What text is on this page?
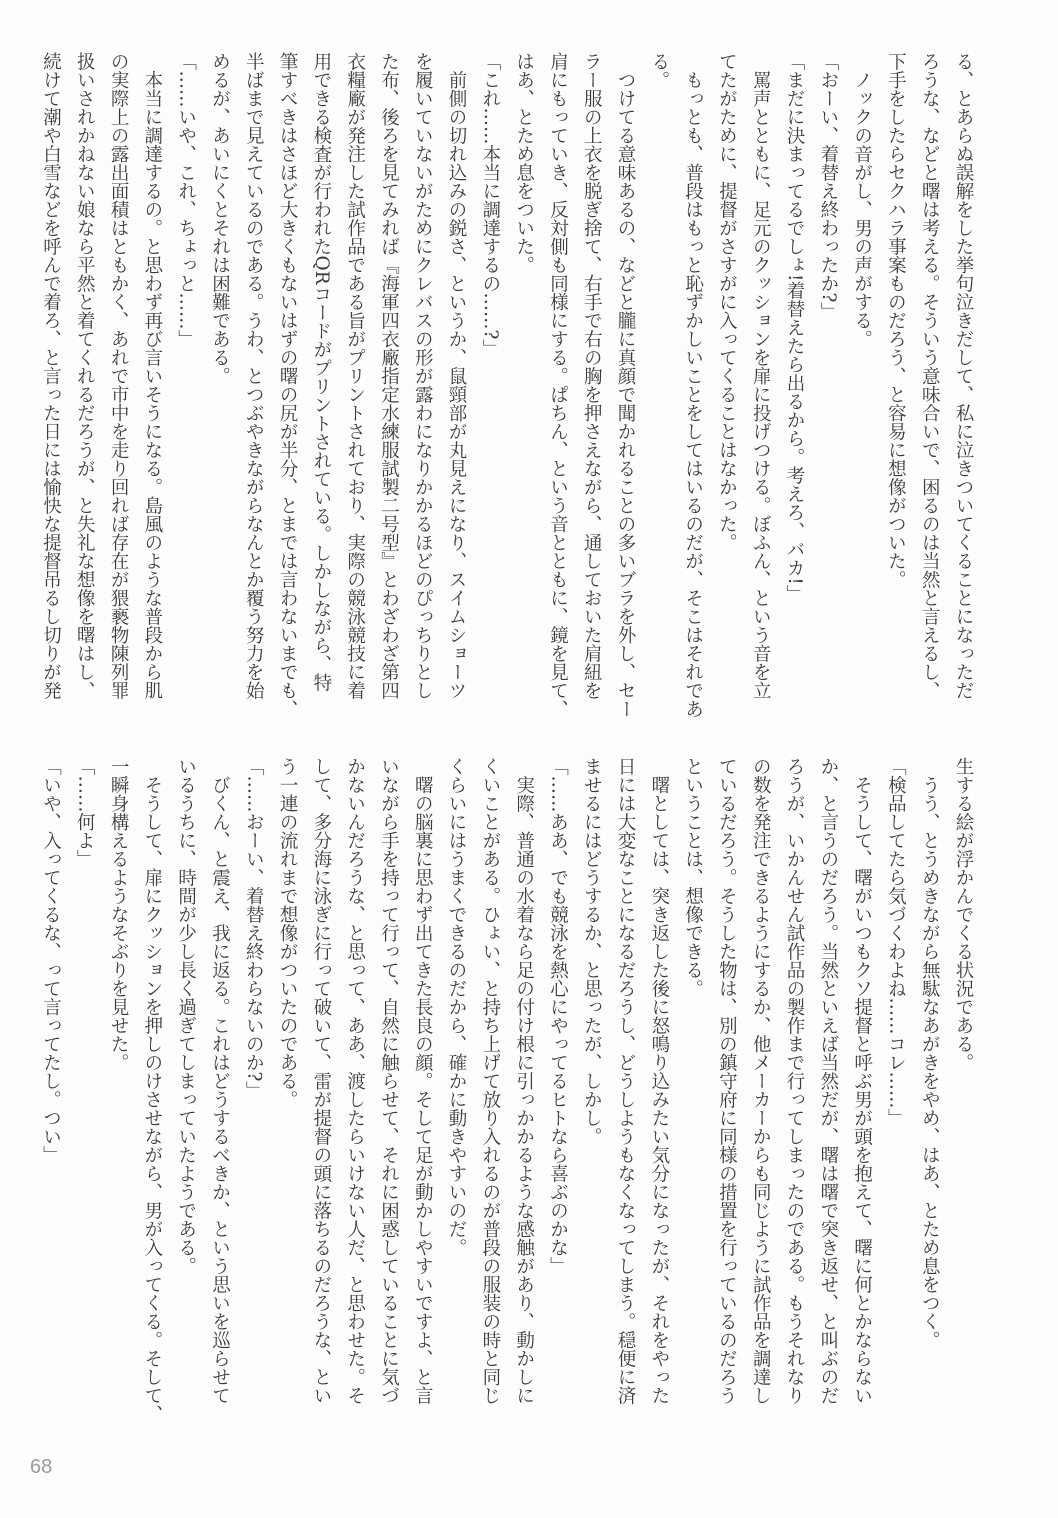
る、とあらぬ誤解をした挙句泣きだして、私に泣きついてくることになっただ
ろうな、などと曙は考える。そういう意味合いで、困るのは当然と言えるし、
下手をしたらセクハラ事案ものだろう、と容易に想像がついた。
　ノックの音がし、男の声がする。
「おーい、着替え終わったか?」
「まだに決まってるでしょ!着替えたら出るから。考えろ、バカ!」
　罵声とともに、足元のクッションを扉に投げつける。ぼふん、という音を立
てたがために、提督がさすがに入ってくることはなかった。
　もっとも、普段はもっと恥ずかしいことをしてはいるのだが、そこはそれであ
る。
　つけてる意味あるの、などと朧に真顔で聞かれることの多いブラを外し、セー
ラー服の上衣を脱ぎ捨て、右手で右の胸を押さえながら、通しておいた肩紐を
肩にもっていき、反対側も同様にする。ぱちん、という音とともに、鏡を見て、
はあ、とため息をついた。
「これ……本当に調達するの……?」
　前側の切れ込みの鋭さ、というか、鼠頸部が丸見えになり、スイムショーツ
を履いていないがためにクレバスの形が露わになりかかるほどのぴっちりとし
た布、後ろを見てみれば『海軍四衣廠指定水練服試製二号型』とわざわざ第四
衣糧廠が発注した試作品である旨がプリントされており、実際の競泳競技に着
用できる検査が行われたQRコードがプリントされている。しかしながら、特
筆すべきはさほど大きくもないはずの曙の尻が半分、とまでは言わないまでも、
半ばまで見えているのである。うわ、とつぶやきながらなんとか覆う努力を始
めるが、あいにくとそれは困難である。
「……いや、これ、ちょっと……」
　本当に調達するの。と思わず再び言いそうになる。島風のような普段から肌
の実際上の露出面積はともかく、あれで市中を走り回れば存在が猥褻物陳列罪
扱いされかねない娘なら平然と着てくれるだろうが、と失礼な想像を曙はし、
続けて潮や白雪などを呼んで着ろ、と言った日には愉快な提督吊るし切りが発
生する絵が浮かんでくる状況である。
　うう、とうめきながら無駄なあがきをやめ、はあ、とため息をつく。
「検品してたら気づくわよね……コレ……」
　そうして、曙がいつもクソ提督と呼ぶ男が頭を抱えて、曙に何とかならない
か、と言うのだろう。当然といえば当然だが、曙は曙で突き返せ、と叫ぶのだ
ろうが、いかんせん試作品の製作まで行ってしまったのである。もうそれなり
の数を発注できるようにするか、他メーカーからも同じように試作品を調達し
ているだろう。そうした物は、別の鎮守府に同様の措置を行っているのだろう
ということは、想像できる。
　曙としては、突き返した後に怒鳴り込みたい気分になったが、それをやった
日には大変なことになるだろうし、どうしようもなくなってしまう。穏便に済
ませるにはどうするか、と思ったが、しかし。
「……ああ、でも競泳を熱心にやってるヒトなら喜ぶのかな」
　実際、普通の水着なら足の付け根に引っかかるような感触があり、動かしに
くいことがある。ひょい、と持ち上げて放り入れるのが普段の服装の時と同じ
くらいにはうまくできるのだから、確かに動きやすいのだ。
　曙の脳裏に思わず出てきた長良の顔。そして足が動かしやすいですよ、と言
いながら手を持って行って、自然に触らせて、それに困惑していることに気づ
かないんだろうな、と思って、ああ、渡したらいけない人だ、と思わせた。そ
して、多分海に泳ぎに行って破いて、雷が提督の頭に落ちるのだろうな、とい
う一連の流れまで想像がついたのである。
「……おーい、着替え終わらないのか?」
　びくん、と震え、我に返る。これはどうするべきか、という思いを巡らせて
いるうちに、時間が少し長く過ぎてしまっていたようである。
　そうして、扉にクッションを押しのけさせながら、男が入ってくる。そして、
一瞬身構えるようなそぶりを見せた。
「……何よ」
「いや、入ってくるな、って言ってたし。つい」
68
